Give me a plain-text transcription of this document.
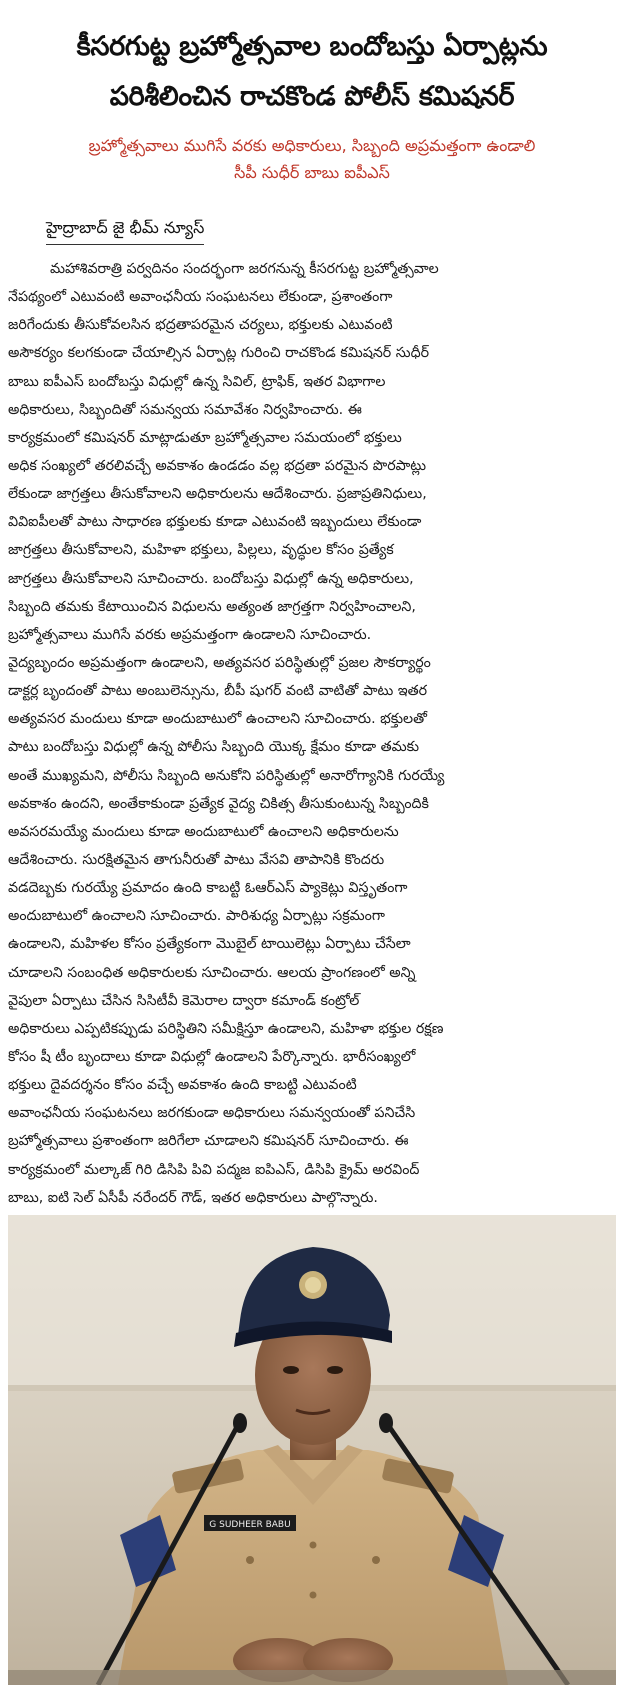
కీసరగుట్ట బ్రహ్మోత్సవాల బందోబస్తు ఏర్పాట్లను
పరిశీలించిన రాచకొండ పోలీస్ కమిషనర్
బ్రహ్మోత్సవాలు ముగిసే వరకు అధికారులు, సిబ్బంది అప్రమత్తంగా ఉండాలి
సీపీ సుధీర్ బాబు ఐపీఎస్
హైద్రాబాద్ జై భీమ్ న్యూస్
మహాశివరాత్రి పర్వదినం సందర్భంగా జరగనున్న కీసరగుట్ట బ్రహ్మోత్సవాల
నేపథ్యంలో ఎటువంటి అవాంఛనీయ సంఘటనలు లేకుండా, ప్రశాంతంగా
జరిగేందుకు తీసుకోవలసిన భద్రతాపరమైన చర్యలు, భక్తులకు ఎటువంటి
అసౌకర్యం కలగకుండా చేయాల్సిన ఏర్పాట్ల గురించి రాచకొండ కమిషనర్ సుధీర్
బాబు ఐపీఎస్ బందోబస్తు విధుల్లో ఉన్న సివిల్, ట్రాఫిక్, ఇతర విభాగాల
అధికారులు, సిబ్బందితో సమన్వయ సమావేశం నిర్వహించారు. ఈ
కార్యక్రమంలో కమిషనర్ మాట్లాడుతూ బ్రహ్మోత్సవాల సమయంలో భక్తులు
అధిక సంఖ్యలో తరలివచ్చే అవకాశం ఉండడం వల్ల భద్రతా పరమైన పొరపాట్లు
లేకుండా జాగ్రత్తలు తీసుకోవాలని అధికారులను ఆదేశించారు. ప్రజాప్రతినిధులు,
వివిఐపీలతో పాటు సాధారణ భక్తులకు కూడా ఎటువంటి ఇబ్బందులు లేకుండా
జాగ్రత్తలు తీసుకోవాలని, మహిళా భక్తులు, పిల్లలు, వృద్ధుల కోసం ప్రత్యేక
జాగ్రత్తలు తీసుకోవాలని సూచించారు. బందోబస్తు విధుల్లో ఉన్న అధికారులు,
సిబ్బంది తమకు కేటాయించిన విధులను అత్యంత జాగ్రత్తగా నిర్వహించాలని,
బ్రహ్మోత్సవాలు ముగిసే వరకు అప్రమత్తంగా ఉండాలని సూచించారు.
వైద్యబృందం అప్రమత్తంగా ఉండాలని, అత్యవసర పరిస్థితుల్లో ప్రజల సౌకర్యార్థం
డాక్టర్ల బృందంతో పాటు అంబులెన్సును, బీపీ షుగర్ వంటి వాటితో పాటు ఇతర
అత్యవసర మందులు కూడా అందుబాటులో ఉంచాలని సూచించారు. భక్తులతో
పాటు బందోబస్తు విధుల్లో ఉన్న పోలీసు సిబ్బంది యొక్క క్షేమం కూడా తమకు
అంతే ముఖ్యమని, పోలీసు సిబ్బంది అనుకోని పరిస్థితుల్లో అనారోగ్యానికి గురయ్యే
అవకాశం ఉందని, అంతేకాకుండా ప్రత్యేక వైద్య చికిత్స తీసుకుంటున్న సిబ్బందికి
అవసరమయ్యే మందులు కూడా అందుబాటులో ఉంచాలని అధికారులను
ఆదేశించారు. సురక్షితమైన తాగునీరుతో పాటు వేసవి తాపానికి కొందరు
వడదెబ్బకు గురయ్యే ప్రమాదం ఉంది కాబట్టి ఓఆర్ఎస్ ప్యాకెట్లు విస్తృతంగా
అందుబాటులో ఉంచాలని సూచించారు. పారిశుధ్య ఏర్పాట్లు సక్రమంగా
ఉండాలని, మహిళల కోసం ప్రత్యేకంగా మొబైల్ టాయిలెట్లు ఏర్పాటు చేసేలా
చూడాలని సంబంధిత అధికారులకు సూచించారు. ఆలయ ప్రాంగణంలో అన్ని
వైపులా ఏర్పాటు చేసిన సిసిటీవీ కెమెరాల ద్వారా కమాండ్ కంట్రోల్
అధికారులు ఎప్పటికప్పుడు పరిస్థితిని సమీక్షిస్తూ ఉండాలని, మహిళా భక్తుల రక్షణ
కోసం షీ టీం బృందాలు కూడా విధుల్లో ఉండాలని పేర్కొన్నారు. భారీసంఖ్యలో
భక్తులు దైవదర్శనం కోసం వచ్చే అవకాశం ఉంది కాబట్టి ఎటువంటి
అవాంఛనీయ సంఘటనలు జరగకుండా అధికారులు సమన్వయంతో పనిచేసి
బ్రహ్మోత్సవాలు ప్రశాంతంగా జరిగేలా చూడాలని కమిషనర్ సూచించారు. ఈ
కార్యక్రమంలో మల్కాజ్ గిరి డిసిపి పివి పద్మజ ఐపిఎస్, డిసిపి క్రైమ్ అరవింద్
బాబు, ఐటి సెల్ ఏసీపీ నరేందర్ గౌడ్, ఇతర అధికారులు పాల్గొన్నారు.
G SUDHEER BABU
